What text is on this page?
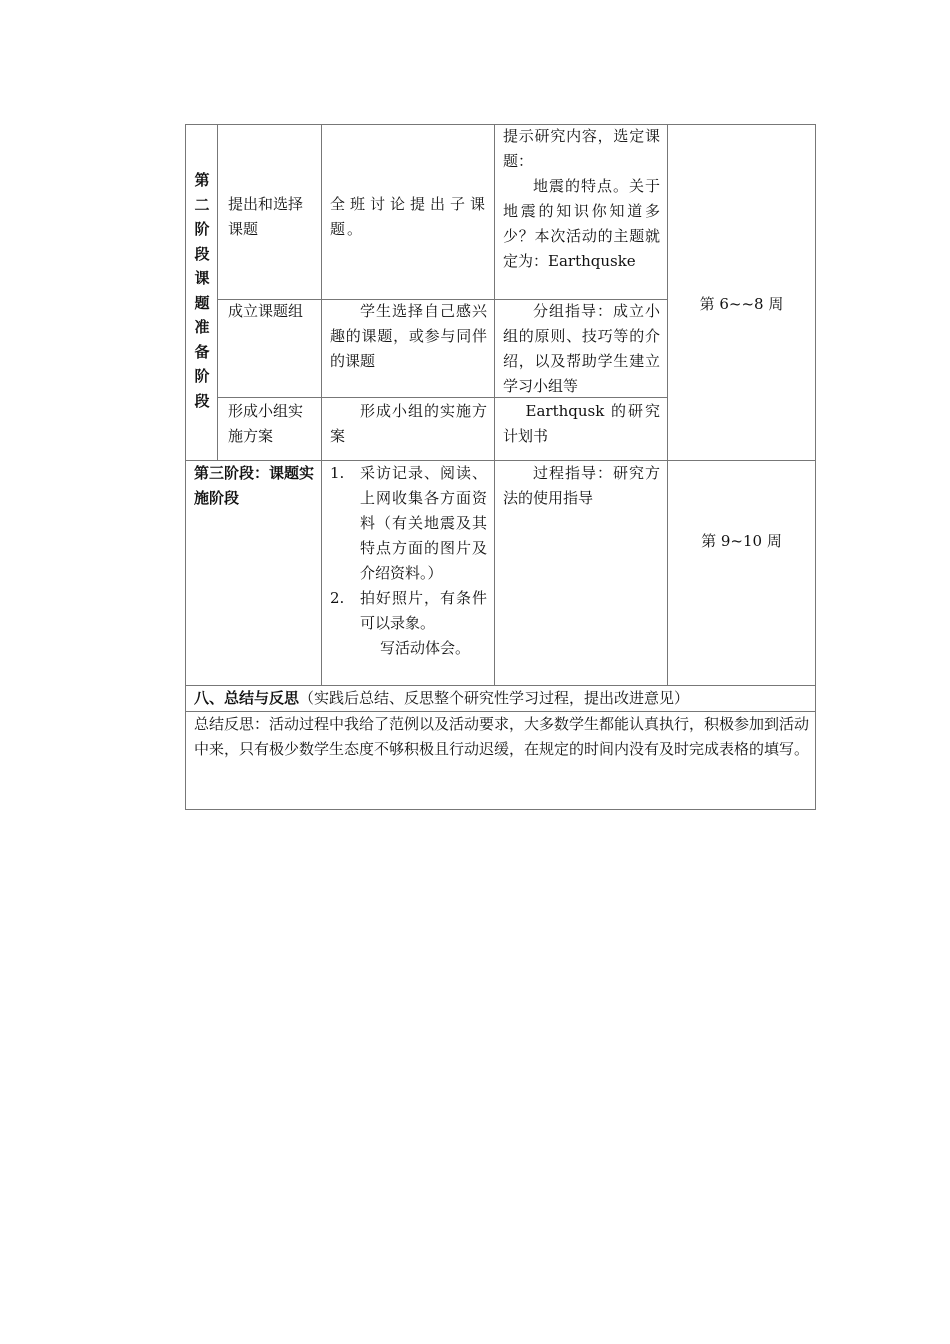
第
二
阶
段
课
题
准
备
阶
段
提出和选择课题
全班讨论提出子课题。
提示研究内容，选定课题：
地震的特点。关于地震的知识你知道多少？本次活动的主题就定为：Earthquske
成立课题组	学生选择自己感兴趣的课题，或参与同伴的课题
分组指导：成立小组的原则、技巧等的介绍，以及帮助学生建立学习小组等
形成小组实施方案
形成小组的实施方案
Earthqusk 的研究计划书
第 6~~8 周
第三阶段：课题实施阶段
1. 采访记录、阅读、上网收集各方面资料（有关地震及其特点方面的图片及介绍资料。）
2. 拍好照片，有条件可以录象。
写活动体会。
过程指导：研究方法的使用指导
第 9~10 周
八、总结与反思（实践后总结、反思整个研究性学习过程，提出改进意见）
总结反思：活动过程中我给了范例以及活动要求，大多数学生都能认真执行，积极参加到活动中来，只有极少数学生态度不够积极且行动迟缓，在规定的时间内没有及时完成表格的填写。
